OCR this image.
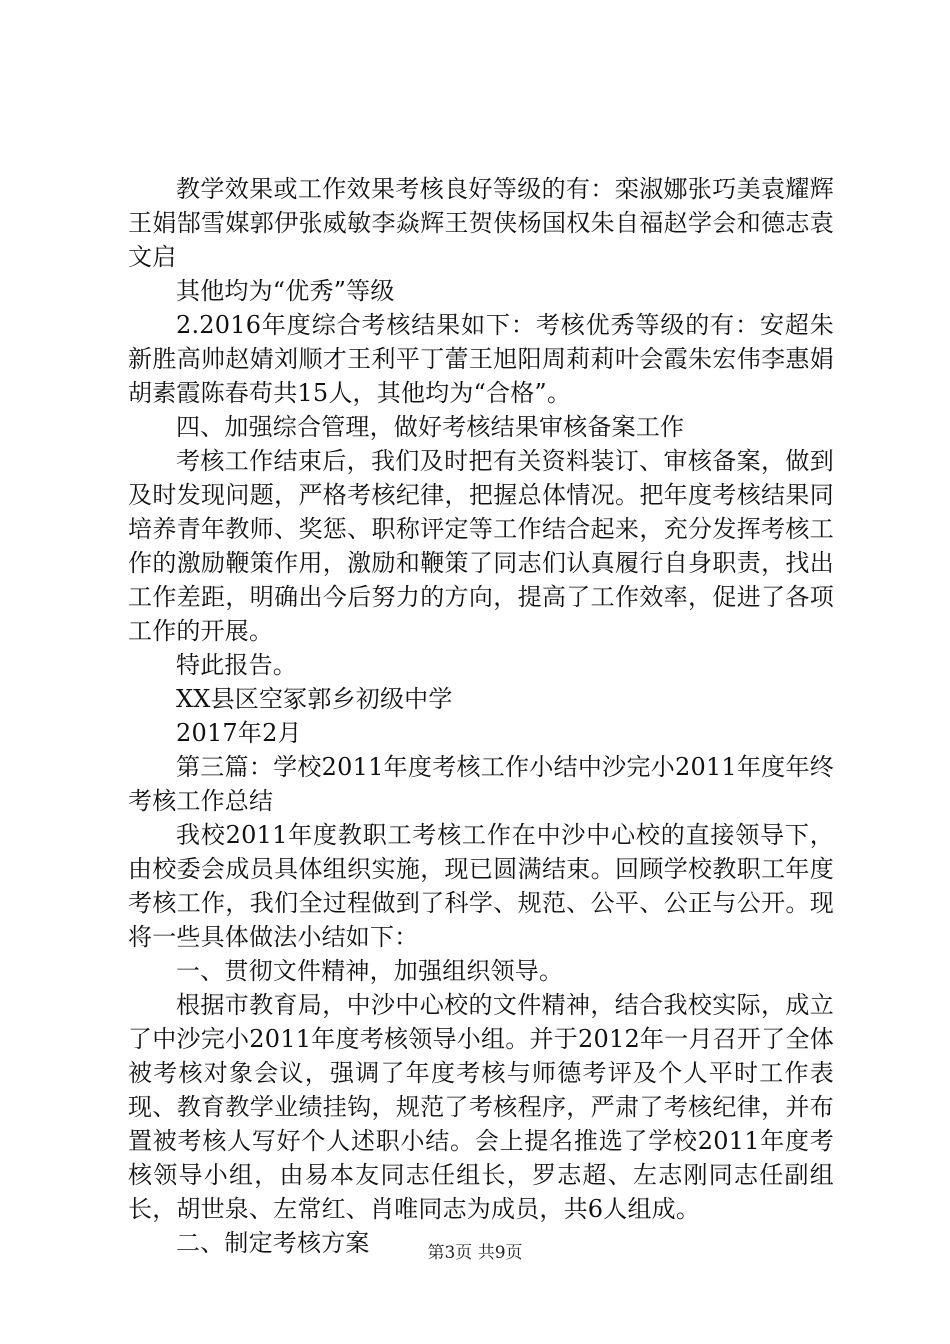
教学效果或工作效果考核良好等级的有：栾淑娜张巧美袁耀辉王娟郜雪媒郭伊张威敏李焱辉王贺侠杨国权朱自福赵学会和德志袁文启

其他均为“优秀”等级

2.2016年度综合考核结果如下：考核优秀等级的有：安超朱新胜高帅赵婧刘顺才王利平丁蕾王旭阳周莉莉叶会霞朱宏伟李惠娟胡素霞陈春苟共15人，其他均为“合格”。

四、加强综合管理，做好考核结果审核备案工作

考核工作结束后，我们及时把有关资料装订、审核备案，做到及时发现问题，严格考核纪律，把握总体情况。把年度考核结果同培养青年教师、奖惩、职称评定等工作结合起来，充分发挥考核工作的激励鞭策作用，激励和鞭策了同志们认真履行自身职责，找出工作差距，明确出今后努力的方向，提高了工作效率，促进了各项工作的开展。

特此报告。

XX县区空冢郭乡初级中学

2017年2月

第三篇：学校2011年度考核工作小结中沙完小2011年度年终考核工作总结

我校2011年度教职工考核工作在中沙中心校的直接领导下，由校委会成员具体组织实施，现已圆满结束。回顾学校教职工年度考核工作，我们全过程做到了科学、规范、公平、公正与公开。现将一些具体做法小结如下：

一、贯彻文件精神，加强组织领导。

根据市教育局，中沙中心校的文件精神，结合我校实际，成立了中沙完小2011年度考核领导小组。并于2012年一月召开了全体被考核对象会议，强调了年度考核与师德考评及个人平时工作表现、教育教学业绩挂钩，规范了考核程序，严肃了考核纪律，并布置被考核人写好个人述职小结。会上提名推选了学校2011年度考核领导小组，由易本友同志任组长，罗志超、左志刚同志任副组长，胡世泉、左常红、肖唯同志为成员，共6人组成。

二、制定考核方案	第3页 共9页
